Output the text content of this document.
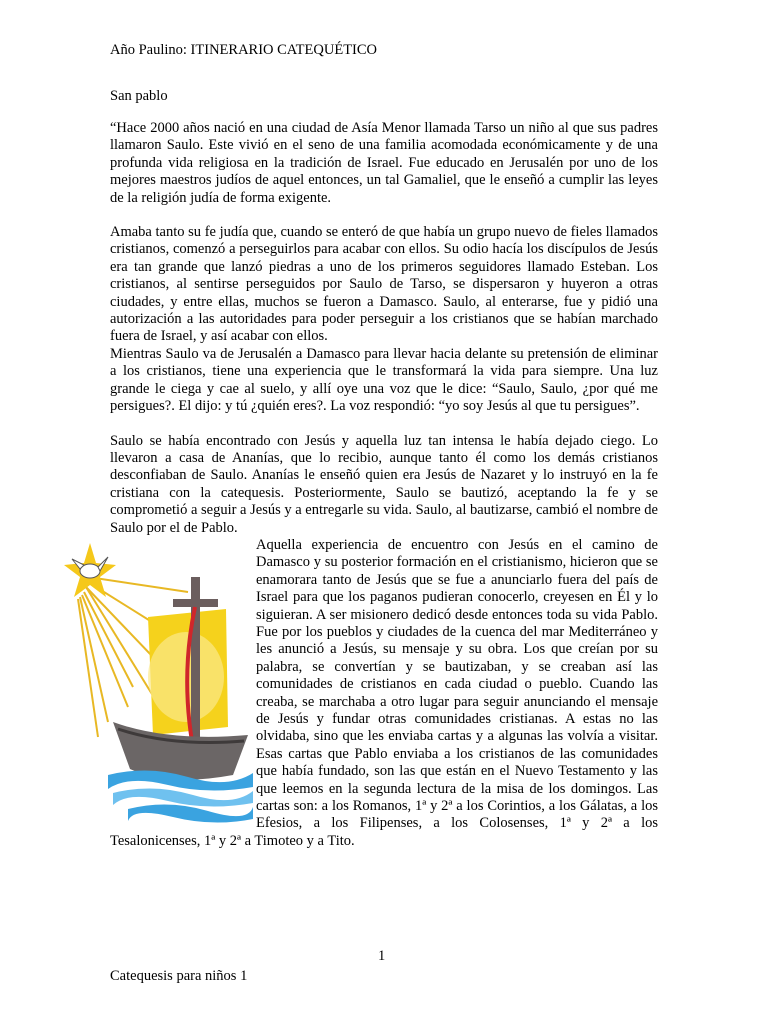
Año Paulino: ITINERARIO CATEQUÉTICO
San pablo

“Hace 2000 años nació en una ciudad de Asía Menor llamada Tarso un niño al que sus padres llamaron Saulo. Este vivió en el seno de una familia acomodada económicamente y de una profunda vida religiosa en la tradición de Israel. Fue educado en Jerusalén por uno de los mejores maestros judíos de aquel entonces, un tal Gamaliel, que le enseñó a cumplir las leyes de la religión judía de forma exigente.

Amaba tanto su fe judía que, cuando se enteró de que había un grupo nuevo de fieles llamados cristianos, comenzó a perseguirlos para acabar con ellos. Su odio hacía los discípulos de Jesús era tan grande que lanzó piedras a uno de los primeros seguidores llamado Esteban. Los cristianos, al sentirse perseguidos por Saulo de Tarso, se dispersaron y huyeron a otras ciudades, y entre ellas, muchos se fueron a Damasco. Saulo, al enterarse, fue y pidió una autorización a las autoridades para poder perseguir a los cristianos que se habían marchado fuera de Israel, y así acabar con ellos.

Mientras Saulo va de Jerusalén a Damasco para llevar hacia delante su pretensión de eliminar a los cristianos, tiene una experiencia que le transformará la vida para siempre. Una luz grande le ciega y cae al suelo, y allí oye una voz que le dice: “Saulo, Saulo, ¿por qué me persigues?. El dijo: y tú ¿quién eres?. La voz respondió: “yo soy Jesús al que tu persigues”.

Saulo se había encontrado con Jesús y aquella luz tan intensa le había dejado ciego. Lo llevaron a casa de Ananías, que lo recibio, aunque tanto él como los demás cristianos desconfiaban de Saulo. Ananías le enseñó quien era Jesús de Nazaret y lo instruyó en la fe cristiana con la catequesis. Posteriormente, Saulo se bautizó, aceptando la fe y se comprometió a seguir a Jesús y a entregarle su vida. Saulo, al bautizarse, cambió el nombre de Saulo por el de Pablo.

Aquella experiencia de encuentro con Jesús en el camino de Damasco y su posterior formación en el cristianismo, hicieron que se enamorara tanto de Jesús que se fue a anunciarlo fuera del país de Israel para que los paganos pudieran conocerlo, creyesen en Él y lo siguieran. A ser misionero dedicó desde entonces toda su vida Pablo. Fue por los pueblos y ciudades de la cuenca del mar Mediterráneo y les anunció a Jesús, su mensaje y su obra. Los que creían por su palabra, se convertían y se bautizaban, y se creaban así las comunidades de cristianos en cada ciudad o pueblo. Cuando las creaba, se marchaba a otro lugar para seguir anunciando el mensaje de Jesús y fundar otras comunidades cristianas. A estas no las olvidaba, sino que les enviaba cartas y a algunas las volvía a visitar. Esas cartas que Pablo enviaba a los cristianos de las comunidades que había fundado, son las que están en el Nuevo Testamento y las que leemos en la segunda lectura de la misa de los domingos. Las cartas son: a los Romanos, 1ª y 2ª a los Corintios, a los Gálatas, a los Efesios, a los Filipenses, a los Colosenses, 1ª y 2ª a los Tesalonicenses, 1ª y 2ª a Timoteo y a Tito.

1
Catequesis para niños 1
